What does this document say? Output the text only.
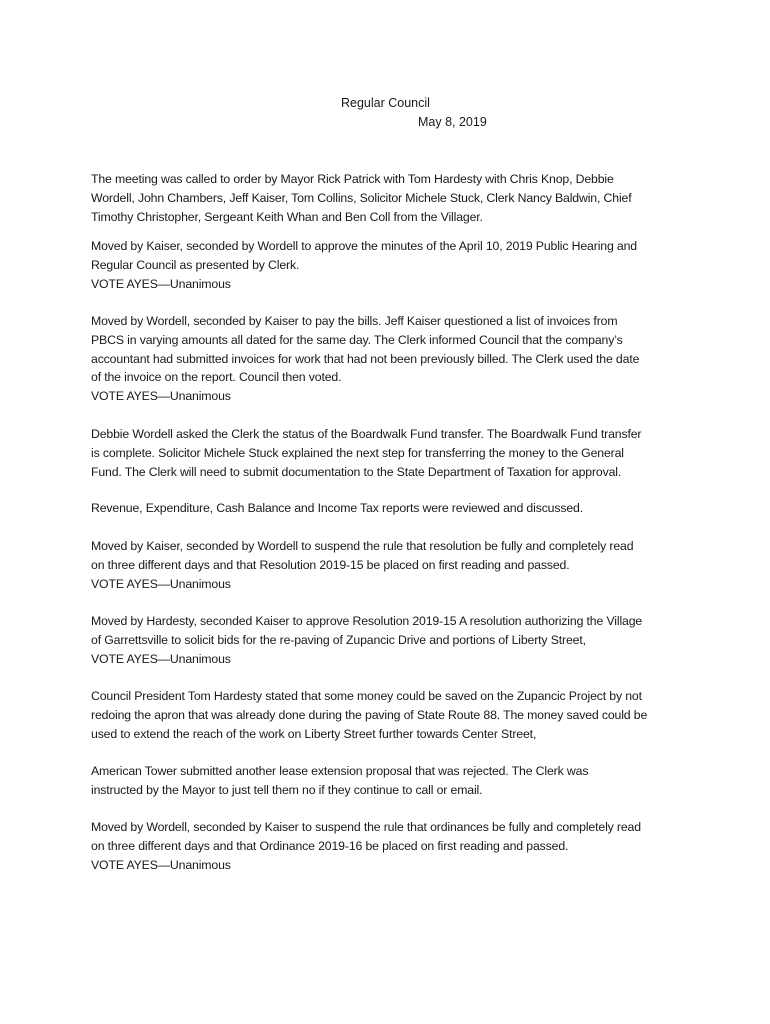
Regular Council
May 8, 2019
The meeting was called to order by Mayor Rick Patrick with Tom Hardesty with Chris Knop, Debbie
Wordell, John Chambers, Jeff Kaiser, Tom Collins, Solicitor Michele Stuck, Clerk Nancy Baldwin, Chief
Timothy Christopher, Sergeant Keith Whan and Ben Coll from the Villager.
Moved by Kaiser, seconded by Wordell to approve the minutes of the April 10, 2019 Public Hearing and
Regular Council as presented by Clerk.
VOTE AYES—Unanimous
Moved by Wordell, seconded by Kaiser to pay the bills. Jeff Kaiser questioned a list of invoices from
PBCS in varying amounts all dated for the same day. The Clerk informed Council that the company’s
accountant had submitted invoices for work that had not been previously billed. The Clerk used the date
of the invoice on the report. Council then voted.
VOTE AYES—Unanimous
Debbie Wordell asked the Clerk the status of the Boardwalk Fund transfer. The Boardwalk Fund transfer
is complete. Solicitor Michele Stuck explained the next step for transferring the money to the General
Fund. The Clerk will need to submit documentation to the State Department of Taxation for approval.
Revenue, Expenditure, Cash Balance and Income Tax reports were reviewed and discussed.
Moved by Kaiser, seconded by Wordell to suspend the rule that resolution be fully and completely read
on three different days and that Resolution 2019-15 be placed on first reading and passed.
VOTE AYES—Unanimous
Moved by Hardesty, seconded Kaiser to approve Resolution 2019-15 A resolution authorizing the Village
of Garrettsville to solicit bids for the re-paving of Zupancic Drive and portions of Liberty Street,
VOTE AYES—Unanimous
Council President Tom Hardesty stated that some money could be saved on the Zupancic Project by not
redoing the apron that was already done during the paving of State Route 88. The money saved could be
used to extend the reach of the work on Liberty Street further towards Center Street,
American Tower submitted another lease extension proposal that was rejected. The Clerk was
instructed by the Mayor to just tell them no if they continue to call or email.
Moved by Wordell, seconded by Kaiser to suspend the rule that ordinances be fully and completely read
on three different days and that Ordinance 2019-16 be placed on first reading and passed.
VOTE AYES—Unanimous
